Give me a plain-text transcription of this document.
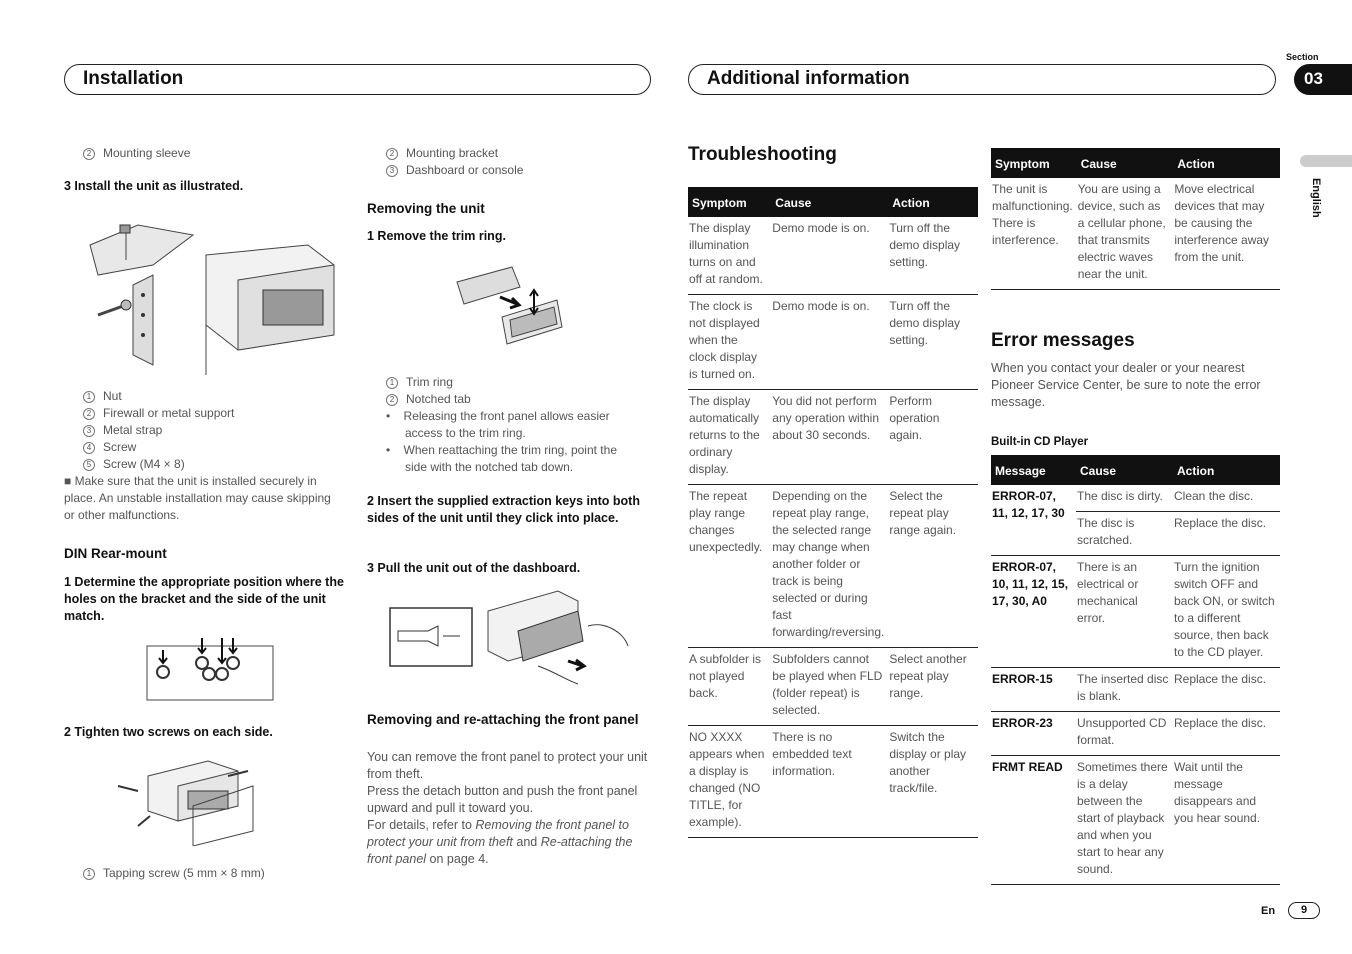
Installation	Additional information
Section
03
English
2 Mounting sleeve
3 Install the unit as illustrated.
1 Nut
2 Firewall or metal support
3 Metal strap
4 Screw
5 Screw (M4 × 8)
■ Make sure that the unit is installed securely in place. An unstable installation may cause skipping or other malfunctions.
DIN Rear-mount
1 Determine the appropriate position where the holes on the bracket and the side of the unit match.
2 Tighten two screws on each side.
1 Tapping screw (5 mm × 8 mm)
2 Mounting bracket
3 Dashboard or console
Removing the unit
1 Remove the trim ring.
1 Trim ring
2 Notched tab
•    Releasing the front panel allows easier access to the trim ring.
•    When reattaching the trim ring, point the side with the notched tab down.
2 Insert the supplied extraction keys into both sides of the unit until they click into place.
3 Pull the unit out of the dashboard.
Removing and re-attaching the front panel
You can remove the front panel to protect your unit from theft.
Press the detach button and push the front panel upward and pull it toward you.
For details, refer to Removing the front panel to protect your unit from theft and Re-attaching the front panel on page 4.
Troubleshooting
Symptom	Cause	Action
The display illumination turns on and off at random.	Demo mode is on.	Turn off the demo display setting.
The clock is not displayed when the clock display is turned on.	Demo mode is on.	Turn off the demo display setting.
The display automatically returns to the ordinary display.	You did not perform any operation within about 30 seconds.	Perform operation again.
The repeat play range changes unexpectedly.	Depending on the repeat play range, the selected range may change when another folder or track is being selected or during fast forwarding/reversing.	Select the repeat play range again.
A subfolder is not played back.	Subfolders cannot be played when FLD (folder repeat) is selected.	Select another repeat play range.
NO XXXX appears when a display is changed (NO TITLE, for example).	There is no embedded text information.	Switch the display or play another track/file.
Symptom	Cause	Action
The unit is malfunctioning. There is interference.	You are using a device, such as a cellular phone, that transmits electric waves near the unit.	Move electrical devices that may be causing the interference away from the unit.
Error messages
When you contact your dealer or your nearest Pioneer Service Center, be sure to note the error message.
Built-in CD Player
Message	Cause	Action
ERROR-07, 11, 12, 17, 30	The disc is dirty.	Clean the disc.
	The disc is scratched.	Replace the disc.
ERROR-07, 10, 11, 12, 15, 17, 30, A0	There is an electrical or mechanical error.	Turn the ignition switch OFF and back ON, or switch to a different source, then back to the CD player.
ERROR-15	The inserted disc is blank.	Replace the disc.
ERROR-23	Unsupported CD format.	Replace the disc.
FRMT READ	Sometimes there is a delay between the start of playback and when you start to hear any sound.	Wait until the message disappears and you hear sound.
En	9
